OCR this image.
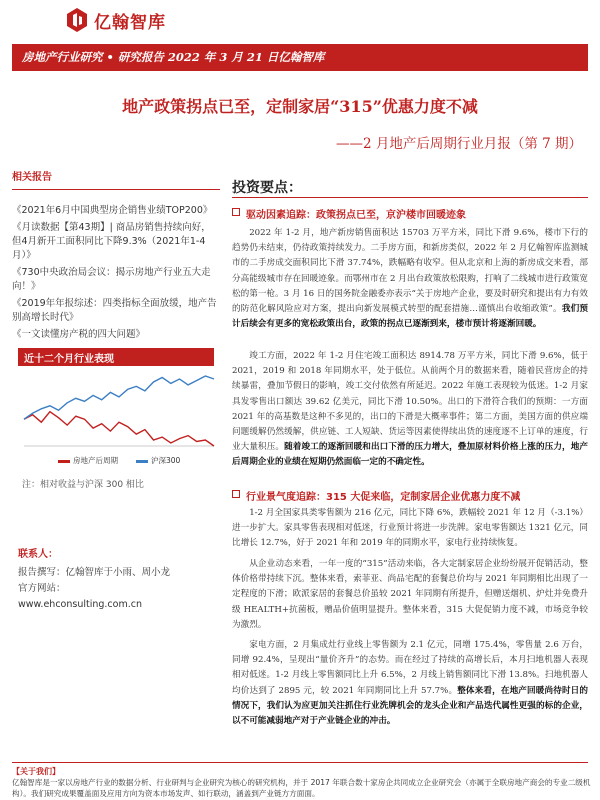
亿翰智库
房地产行业研究 • 研究报告 2022 年 3 月 21 日亿翰智库
地产政策拐点已至，定制家居“315”优惠力度不减
——2 月地产后周期行业月报（第 7 期）
相关报告
《2021年6月中国典型房企销售业绩TOP200》
《月读数据【第43期】| 商品房销售持续向好，但4月新开工面积同比下降9.3%（2021年1-4月）》
《730中央政治局会议：揭示房地产行业五大走向！》
《2019年年报综述：四类指标全面放缓，地产告别高增长时代》
《一文读懂房产税的四大问题》
近十二个月行业表现
房地产后周期	沪深300
注：相对收益与沪深 300 相比
联系人：
报告撰写：亿翰智库于小雨、周小龙
官方网站：
www.ehconsulting.com.cn
投资要点：
驱动因素追踪：政策拐点已至，京沪楼市回暖迹象
2022 年 1-2 月，地产新房销售面积达 15703 万平方米，同比下滑 9.6%，楼市下行的趋势仍未结束，仍待政策持续发力。二手房方面，和新房类似，2022 年 2 月亿翰智库监测城市的二手房成交面积同比下滑 37.74%，跌幅略有收窄。但从北京和上海的新房成交来看，部分高能级城市存在回暖迹象。而鄂州市在 2 月出台政策放松限购，打响了二线城市进行政策宽松的第一枪。3 月 16 日的国务院金融委亦表示“关于房地产企业，要及时研究和提出有力有效的防范化解风险应对方案，提出向新发展模式转型的配套措施…谨慎出台收缩政策”。我们预计后续会有更多的宽松政策出台，政策的拐点已逐渐到来，楼市预计将逐渐回暖。
竣工方面，2022 年 1-2 月住宅竣工面积达 8914.78 万平方米，同比下滑 9.6%，低于 2021，2019 和 2018 年同期水平，处于低位。从前两个月的数据来看，随着民营房企的持续暴雷，叠加节假日的影响，竣工交付依然有所延迟。2022 年施工表现较为低迷。1-2 月家具发零售出口额达 39.62 亿美元，同比下滑 10.50%。出口的下滑符合我们的预期：一方面 2021 年的高基数是这种不多见的，出口的下滑是大概率事件；第二方面，美国方面的供应端问题缓解仍然缓解，供应链、工人短缺、货运等因素使得续出货的速度逐不上订单的速度，行业大量积压。随着竣工的逐渐回暖和出口下滑的压力增大，叠加原材料价格上涨的压力，地产后周期企业的业绩在短期仍然面临一定的不确定性。
行业景气度追踪：315 大促来临，定制家居企业优惠力度不减
1-2 月全国家具类零售额为 216 亿元，同比下降 6%，跌幅较 2021 年 12 月（-3.1%）进一步扩大。家具零售表现相对低迷，行业预计将进一步洗牌。家电零售额达 1321 亿元，同比增长 12.7%，好于 2021 年和 2019 年的同期水平，家电行业持续恢复。
从企业动态来看，一年一度的“315”活动来临，各大定制家居企业纷纷展开促销活动，整体价格带持续下沉。整体来看，索菲亚、尚品宅配的套餐总价均与 2021 年同期相比出现了一定程度的下滑；欧派家居的套餐总价虽较 2021 年同期有所提升，但赠送烟机、炉灶并免费升级 HEALTH+抗菌板，赠品价值明显提升。整体来看，315 大促促销力度不减，市场竞争较为激烈。
家电方面，2 月集成灶行业线上零售额为 2.1 亿元，同增 175.4%，零售量 2.6 万台，同增 92.4%，呈现出“量价齐升”的态势。而在经过了持续的高增长后，本月扫地机器人表现相对低迷。1-2 月线上零售额同比上升 6.5%，2 月线上销售额同比下滑 13.8%。扫地机器人均价达到了 2895 元，较 2021 年同期同比上升 57.7%。整体来看，在地产回暖尚待时日的情况下，我们认为应更加关注抓住行业洗牌机会的龙头企业和产品迭代属性更强的标的企业，以不可能减弱地产对于产业链企业的冲击。
【关于我们】
亿翰智库是一家以房地产行业的数据分析、行业研判与企业研究为核心的研究机构，并于 2017 年联合数十家房企共同成立企业研究会（亦属于全联房地产商会的专业二级机构）。我们研究成果覆盖面及应用方向为资本市场发声、如行联动，涵盖到产业链方方面面。
